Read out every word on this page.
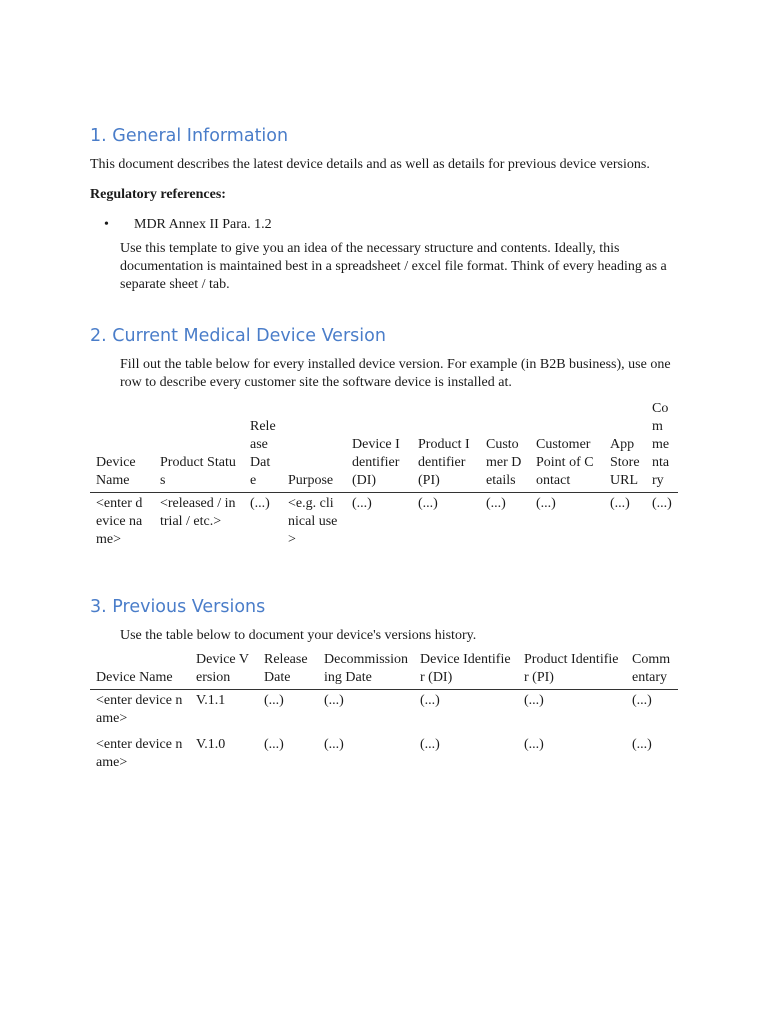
1. General Information

This document describes the latest device details and as well as details for previous device versions.

Regulatory references:

•	MDR Annex II Para. 1.2

Use this template to give you an idea of the necessary structure and contents. Ideally, this documentation is maintained best in a spreadsheet / excel file format. Think of every heading as a separate sheet / tab.

2. Current Medical Device Version

Fill out the table below for every installed device version. For example (in B2B business), use one row to describe every customer site the software device is installed at.

Device Name	Product Status	Release Date	Purpose	Device Identifier (DI)	Product Identifier (PI)	Customer Details	Customer Point of Contact	App Store URL	Commentary
<enter device name>	<released / in trial / etc.>	(...)	<e.g. clinical use>	(...)	(...)	(...)	(...)	(...)	(...)
3. Previous Versions

Use the table below to document your device's versions history.

Device Name	Device Version	Release Date	Decommissioning Date	Device Identifier (DI)	Product Identifier (PI)	Commentary
<enter device name>	V.1.1	(...)	(...)	(...)	(...)	(...)
<enter device name>	V.1.0	(...)	(...)	(...)	(...)	(...)
